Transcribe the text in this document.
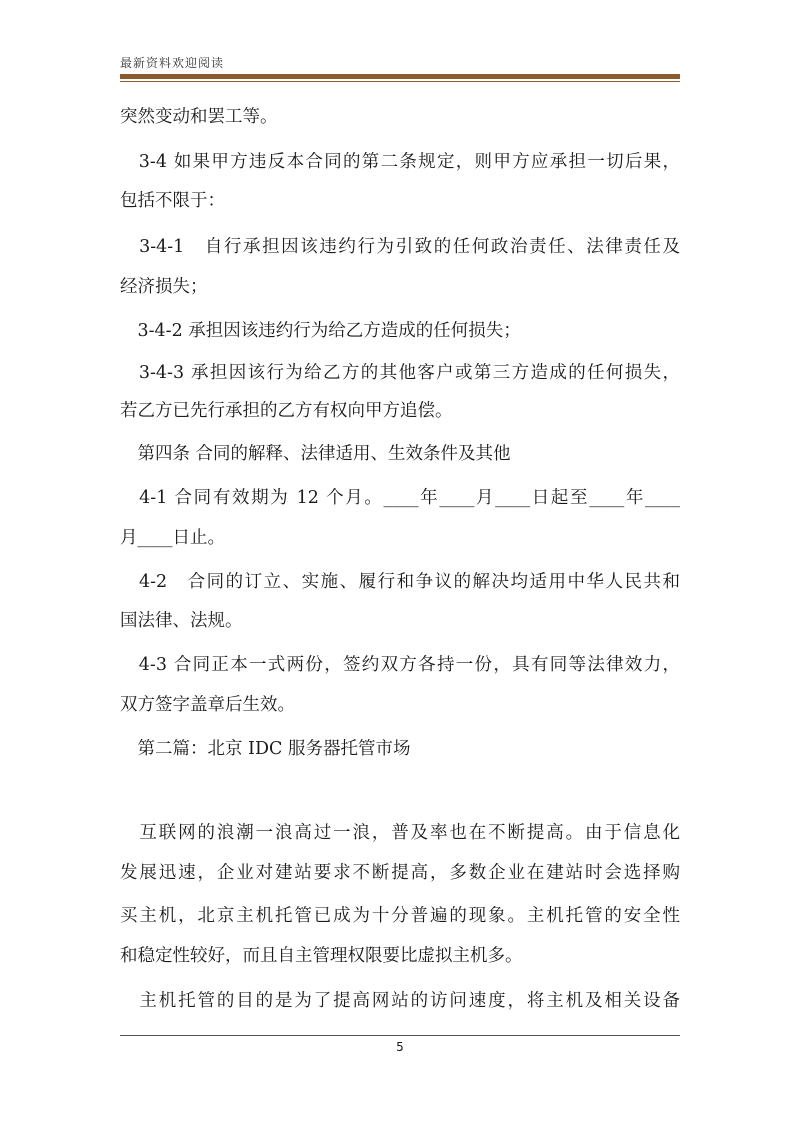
最新资料欢迎阅读
突然变动和罢工等。
　3-4 如果甲方违反本合同的第二条规定，则甲方应承担一切后果，
包括不限于：
　3-4-1　自行承担因该违约行为引致的任何政治责任、法律责任及
经济损失；
　3-4-2 承担因该违约行为给乙方造成的任何损失；
　3-4-3 承担因该行为给乙方的其他客户或第三方造成的任何损失，
若乙方已先行承担的乙方有权向甲方追偿。
　第四条 合同的解释、法律适用、生效条件及其他
　4-1 合同有效期为 12 个月。____年____月____日起至____年____
月____日止。
　4-2　合同的订立、实施、履行和争议的解决均适用中华人民共和
国法律、法规。
　4-3 合同正本一式两份，签约双方各持一份，具有同等法律效力，
双方签字盖章后生效。
　第二篇：北京 IDC 服务器托管市场
　互联网的浪潮一浪高过一浪，普及率也在不断提高。由于信息化
发展迅速，企业对建站要求不断提高，多数企业在建站时会选择购
买主机，北京主机托管已成为十分普遍的现象。主机托管的安全性
和稳定性较好，而且自主管理权限要比虚拟主机多。
　主机托管的目的是为了提高网站的访问速度，将主机及相关设备
5
